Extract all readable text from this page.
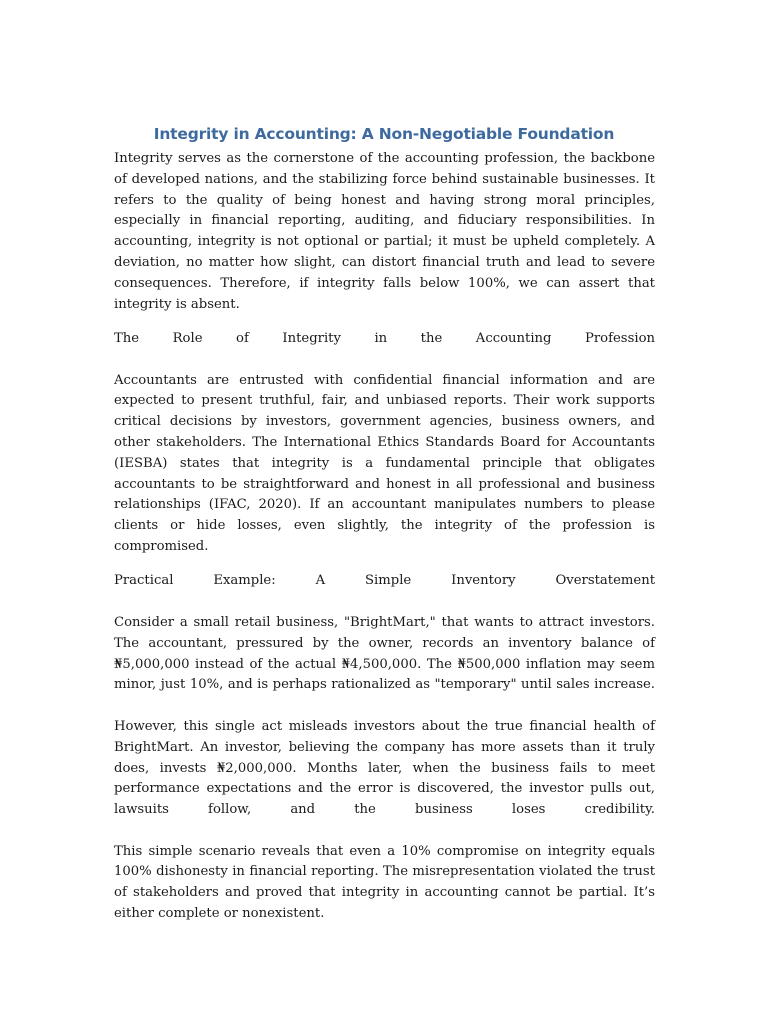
Integrity in Accounting: A Non-Negotiable Foundation

Integrity serves as the cornerstone of the accounting profession, the backbone of developed nations, and the stabilizing force behind sustainable businesses. It refers to the quality of being honest and having strong moral principles, especially in financial reporting, auditing, and fiduciary responsibilities. In accounting, integrity is not optional or partial; it must be upheld completely. A deviation, no matter how slight, can distort financial truth and lead to severe consequences. Therefore, if integrity falls below 100%, we can assert that integrity is absent.

The Role of Integrity in the Accounting Profession

Accountants are entrusted with confidential financial information and are expected to present truthful, fair, and unbiased reports. Their work supports critical decisions by investors, government agencies, business owners, and other stakeholders. The International Ethics Standards Board for Accountants (IESBA) states that integrity is a fundamental principle that obligates accountants to be straightforward and honest in all professional and business relationships (IFAC, 2020). If an accountant manipulates numbers to please clients or hide losses, even slightly, the integrity of the profession is compromised.

Practical Example: A Simple Inventory Overstatement

Consider a small retail business, "BrightMart," that wants to attract investors. The accountant, pressured by the owner, records an inventory balance of ₦5,000,000 instead of the actual ₦4,500,000. The ₦500,000 inflation may seem minor, just 10%, and is perhaps rationalized as "temporary" until sales increase.

However, this single act misleads investors about the true financial health of BrightMart. An investor, believing the company has more assets than it truly does, invests ₦2,000,000. Months later, when the business fails to meet performance expectations and the error is discovered, the investor pulls out, lawsuits follow, and the business loses credibility.

This simple scenario reveals that even a 10% compromise on integrity equals 100% dishonesty in financial reporting. The misrepresentation violated the trust of stakeholders and proved that integrity in accounting cannot be partial. It’s either complete or nonexistent.
